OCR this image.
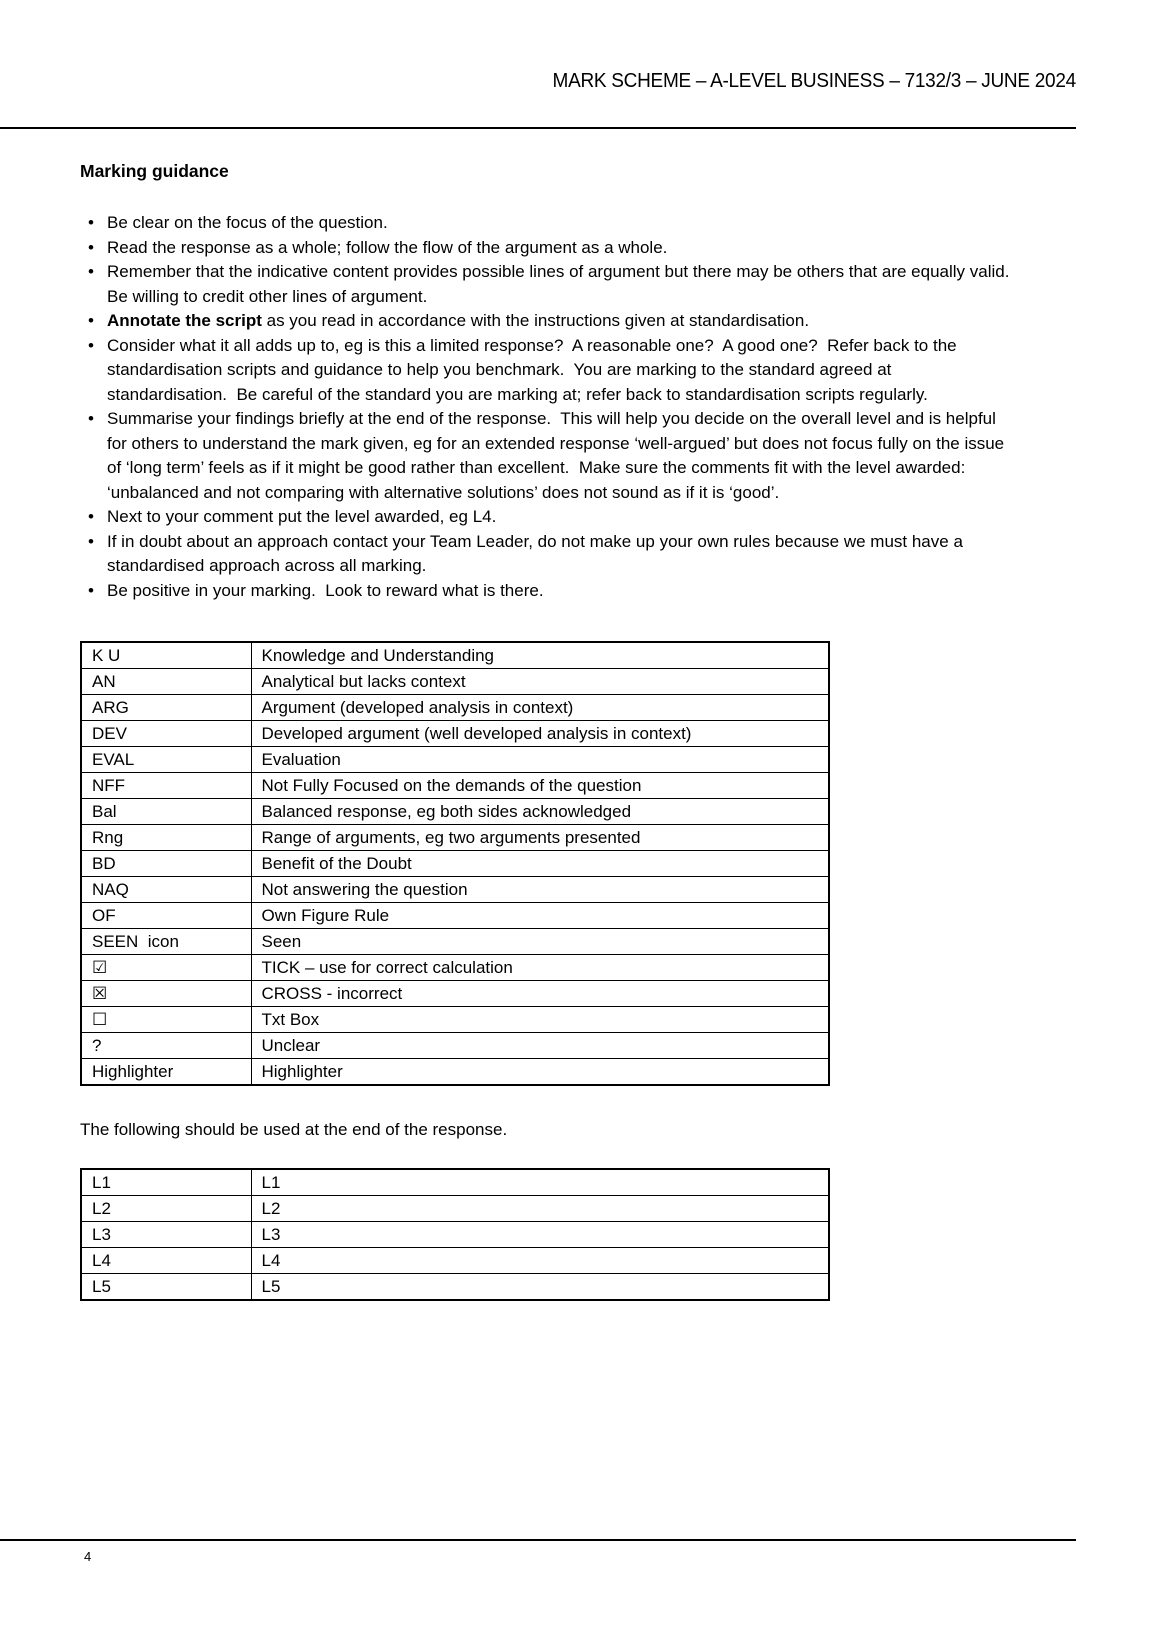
MARK SCHEME – A-LEVEL BUSINESS – 7132/3 – JUNE 2024
Marking guidance
• Be clear on the focus of the question.
• Read the response as a whole; follow the flow of the argument as a whole.
• Remember that the indicative content provides possible lines of argument but there may be others that are equally valid.  Be willing to credit other lines of argument.
• Annotate the script as you read in accordance with the instructions given at standardisation.
• Consider what it all adds up to, eg is this a limited response?  A reasonable one?  A good one?  Refer back to the standardisation scripts and guidance to help you benchmark.  You are marking to the standard agreed at standardisation.  Be careful of the standard you are marking at; refer back to standardisation scripts regularly.
• Summarise your findings briefly at the end of the response.  This will help you decide on the overall level and is helpful for others to understand the mark given, eg for an extended response ‘well-argued’ but does not focus fully on the issue of ‘long term’ feels as if it might be good rather than excellent.  Make sure the comments fit with the level awarded: ‘unbalanced and not comparing with alternative solutions’ does not sound as if it is ‘good’.
• Next to your comment put the level awarded, eg L4.
• If in doubt about an approach contact your Team Leader, do not make up your own rules because we must have a standardised approach across all marking.
• Be positive in your marking.  Look to reward what is there.
K U	Knowledge and Understanding
AN	Analytical but lacks context
ARG	Argument (developed analysis in context)
DEV	Developed argument (well developed analysis in context)
EVAL	Evaluation
NFF	Not Fully Focused on the demands of the question
Bal	Balanced response, eg both sides acknowledged
Rng	Range of arguments, eg two arguments presented
BD	Benefit of the Doubt
NAQ	Not answering the question
OF	Own Figure Rule
SEEN  icon	Seen
☑	TICK – use for correct calculation
☒	CROSS - incorrect
☐	Txt Box
?	Unclear
Highlighter	Highlighter

The following should be used at the end of the response.

L1	L1
L2	L2
L3	L3
L4	L4
L5	L5
4
